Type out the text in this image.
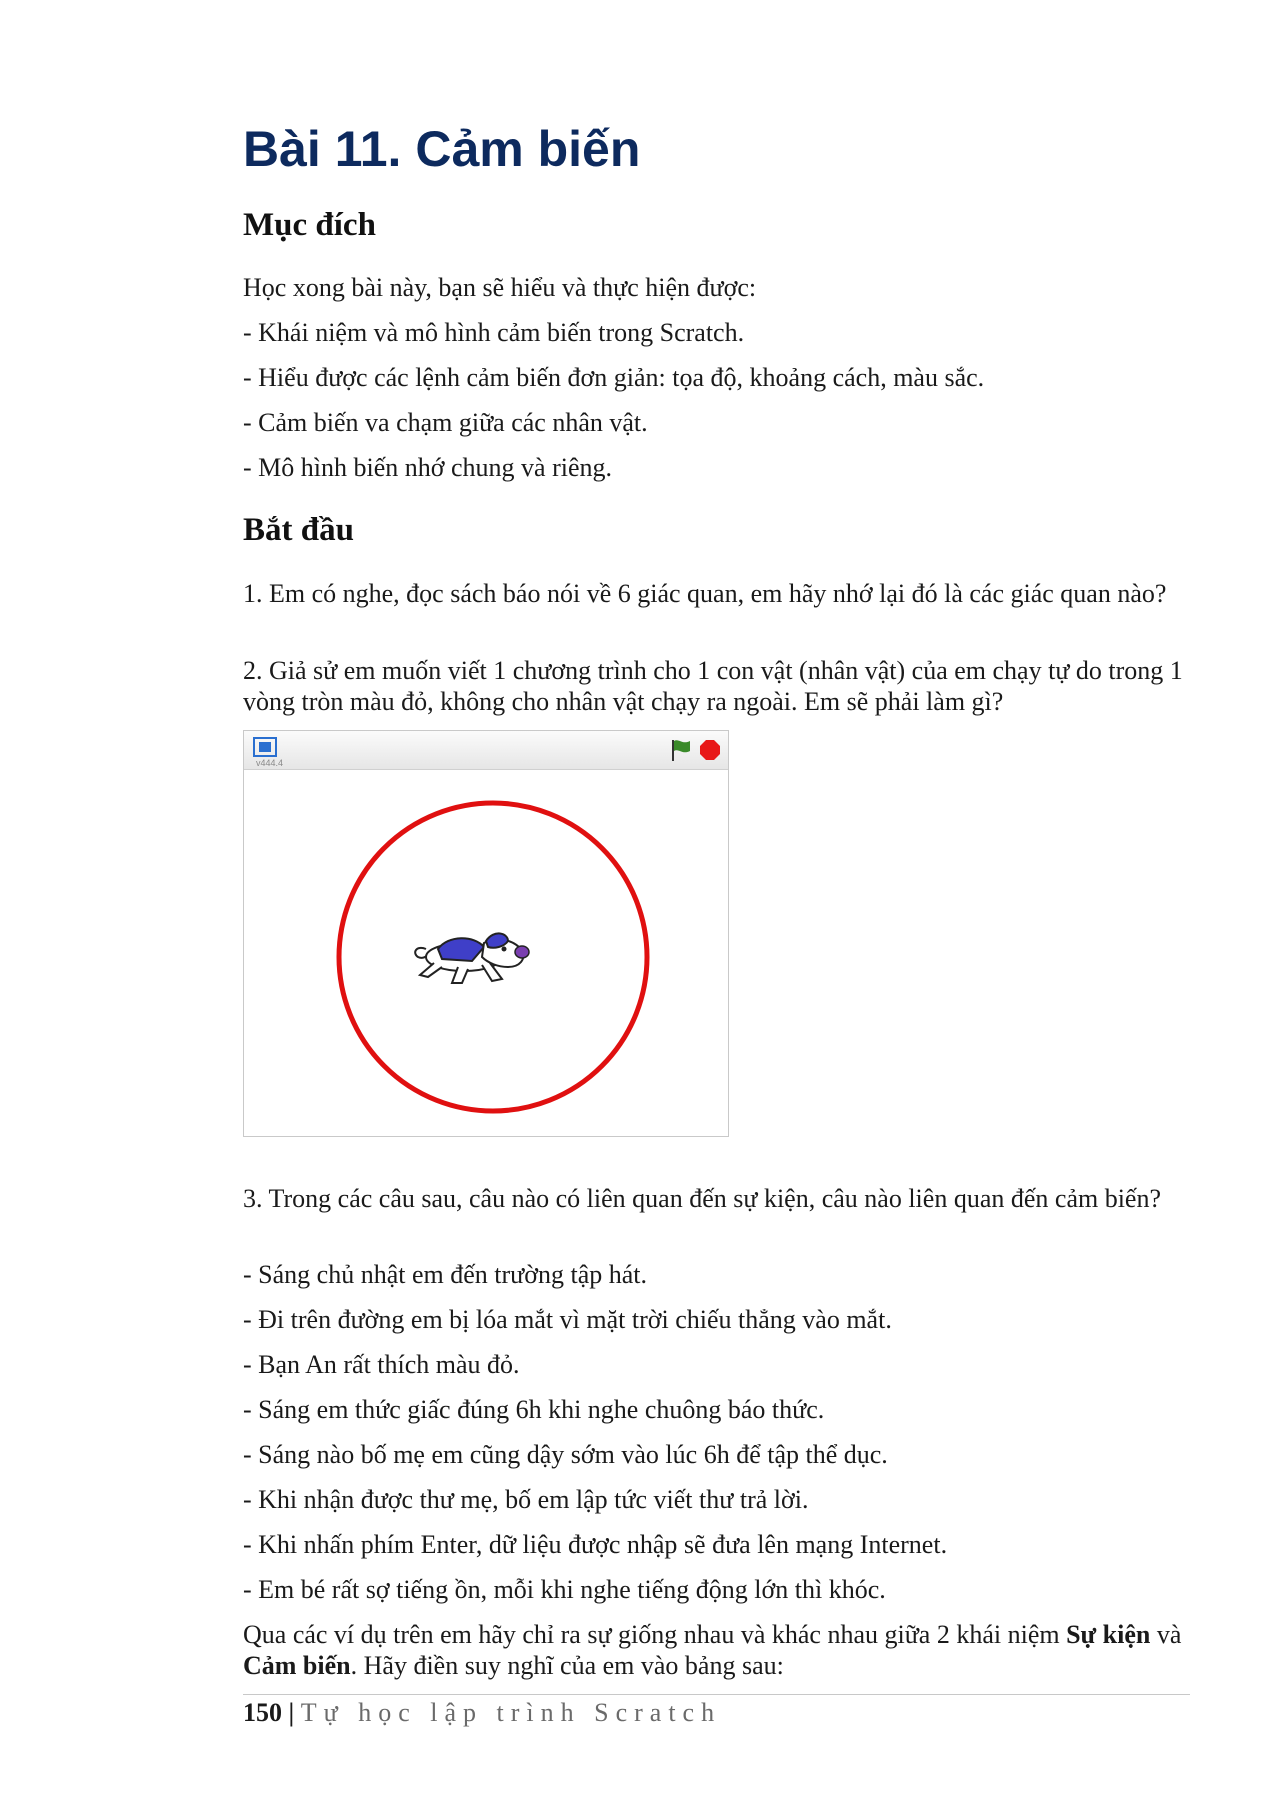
Bài 11. Cảm biến
Mục đích
Học xong bài này, bạn sẽ hiểu và thực hiện được:
- Khái niệm và mô hình cảm biến trong Scratch.
- Hiểu được các lệnh cảm biến đơn giản: tọa độ, khoảng cách, màu sắc.
- Cảm biến va chạm giữa các nhân vật.
- Mô hình biến nhớ chung và riêng.
Bắt đầu
1. Em có nghe, đọc sách báo nói về 6 giác quan, em hãy nhớ lại đó là các giác quan nào?
2. Giả sử em muốn viết 1 chương trình cho 1 con vật (nhân vật) của em chạy tự do trong 1 vòng tròn màu đỏ, không cho nhân vật chạy ra ngoài. Em sẽ phải làm gì?
v444.4
3. Trong các câu sau, câu nào có liên quan đến sự kiện, câu nào liên quan đến cảm biến?
- Sáng chủ nhật em đến trường tập hát.
- Đi trên đường em bị lóa mắt vì mặt trời chiếu thẳng vào mắt.
- Bạn An rất thích màu đỏ.
- Sáng em thức giấc đúng 6h khi nghe chuông báo thức.
- Sáng nào bố mẹ em cũng dậy sớm vào lúc 6h để tập thể dục.
- Khi nhận được thư mẹ, bố em lập tức viết thư trả lời.
- Khi nhấn phím Enter, dữ liệu được nhập sẽ đưa lên mạng Internet.
- Em bé rất sợ tiếng ồn, mỗi khi nghe tiếng động lớn thì khóc.
Qua các ví dụ trên em hãy chỉ ra sự giống nhau và khác nhau giữa 2 khái niệm Sự kiện và Cảm biến. Hãy điền suy nghĩ của em vào bảng sau:
150 | Tự học lập trình Scratch
